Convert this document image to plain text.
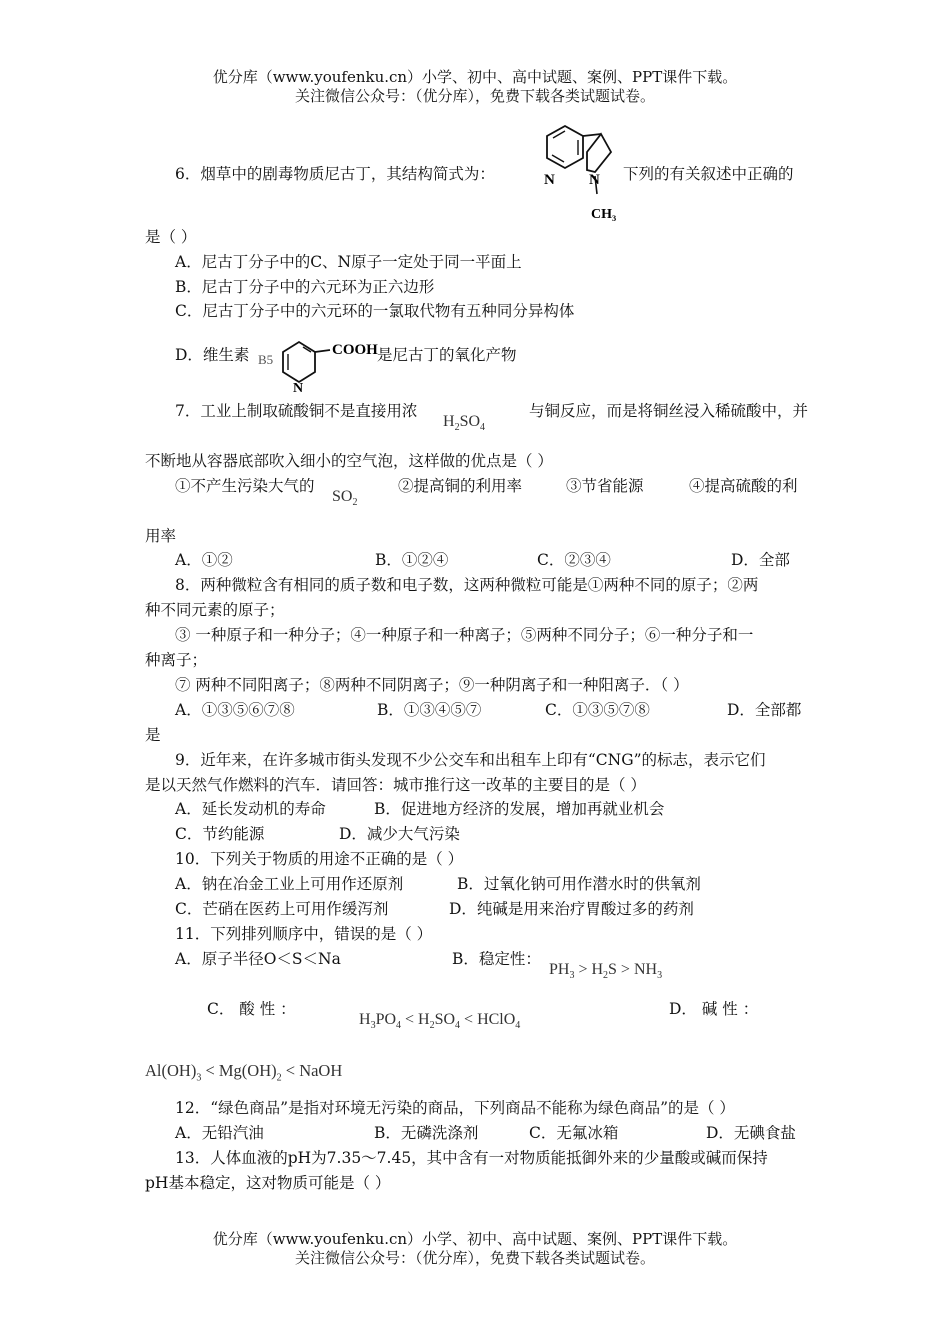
优分库（www.youfenku.cn）小学、初中、高中试题、案例、PPT课件下载。
关注微信公众号：（优分库），免费下载各类试题试卷。
6．烟草中的剧毒物质尼古丁，其结构简式为：	N N
CH₃
下列的有关叙述中正确的
是（ ）
A．尼古丁分子中的C、N原子一定处于同一平面上
B．尼古丁分子中的六元环为正六边形
C．尼古丁分子中的六元环的一氯取代物有五种同分异构体
D．维生素 B5
COOH
N
是尼古丁的氧化产物
7．工业上制取硫酸铜不是直接用浓
$H_2SO_4$
与铜反应，而是将铜丝浸入稀硫酸中，并
不断地从容器底部吹入细小的空气泡，这样做的优点是（ ）
①不产生污染大气的
$SO_2$
②提高铜的利用率	③节省能源	④提高硫酸的利
用率
A．①②	B．①②④	C．②③④	D．全部
8．两种微粒含有相同的质子数和电子数，这两种微粒可能是①两种不同的原子；②两
种不同元素的原子；
③ 一种原子和一种分子；④一种原子和一种离子；⑤两种不同分子；⑥一种分子和一
种离子；
⑦ 两种不同阳离子；⑧两种不同阴离子；⑨一种阴离子和一种阳离子．（ ）
A．①③⑤⑥⑦⑧	B．①③④⑤⑦	C．①③⑤⑦⑧	D．全部都
是
9．近年来，在许多城市街头发现不少公交车和出租车上印有“CNG”的标志，表示它们
是以天然气作燃料的汽车．请回答：城市推行这一改革的主要目的是（ ）
A．延长发动机的寿命	B．促进地方经济的发展，增加再就业机会
C．节约能源	D．减少大气污染
10．下列关于物质的用途不正确的是（ ）
A．钠在冶金工业上可用作还原剂	B．过氧化钠可用作潜水时的供氧剂
C．芒硝在医药上可用作缓泻剂	D．纯碱是用来治疗胃酸过多的药剂
11．下列排列顺序中，错误的是（ ）
A．原子半径O＜S＜Na	B．稳定性：
$PH_3 > H_2S > NH_3$
C． 酸 性 ：
$H_3PO_4 < H_2SO_4$ < HClO$_4$
D． 碱 性 ：
$Al(OH)_3 < Mg(OH)_2$ < NaOH
12．“绿色商品”是指对环境无污染的商品，下列商品不能称为绿色商品”的是（ ）
A．无铅汽油	B．无磷洗涤剂	C．无氟冰箱	D．无碘食盐
13．人体血液的pH为7.35～7.45，其中含有一对物质能抵御外来的少量酸或碱而保持
pH基本稳定，这对物质可能是（ ）
优分库（www.youfenku.cn）小学、初中、高中试题、案例、PPT课件下载。
关注微信公众号：（优分库），免费下载各类试题试卷。
